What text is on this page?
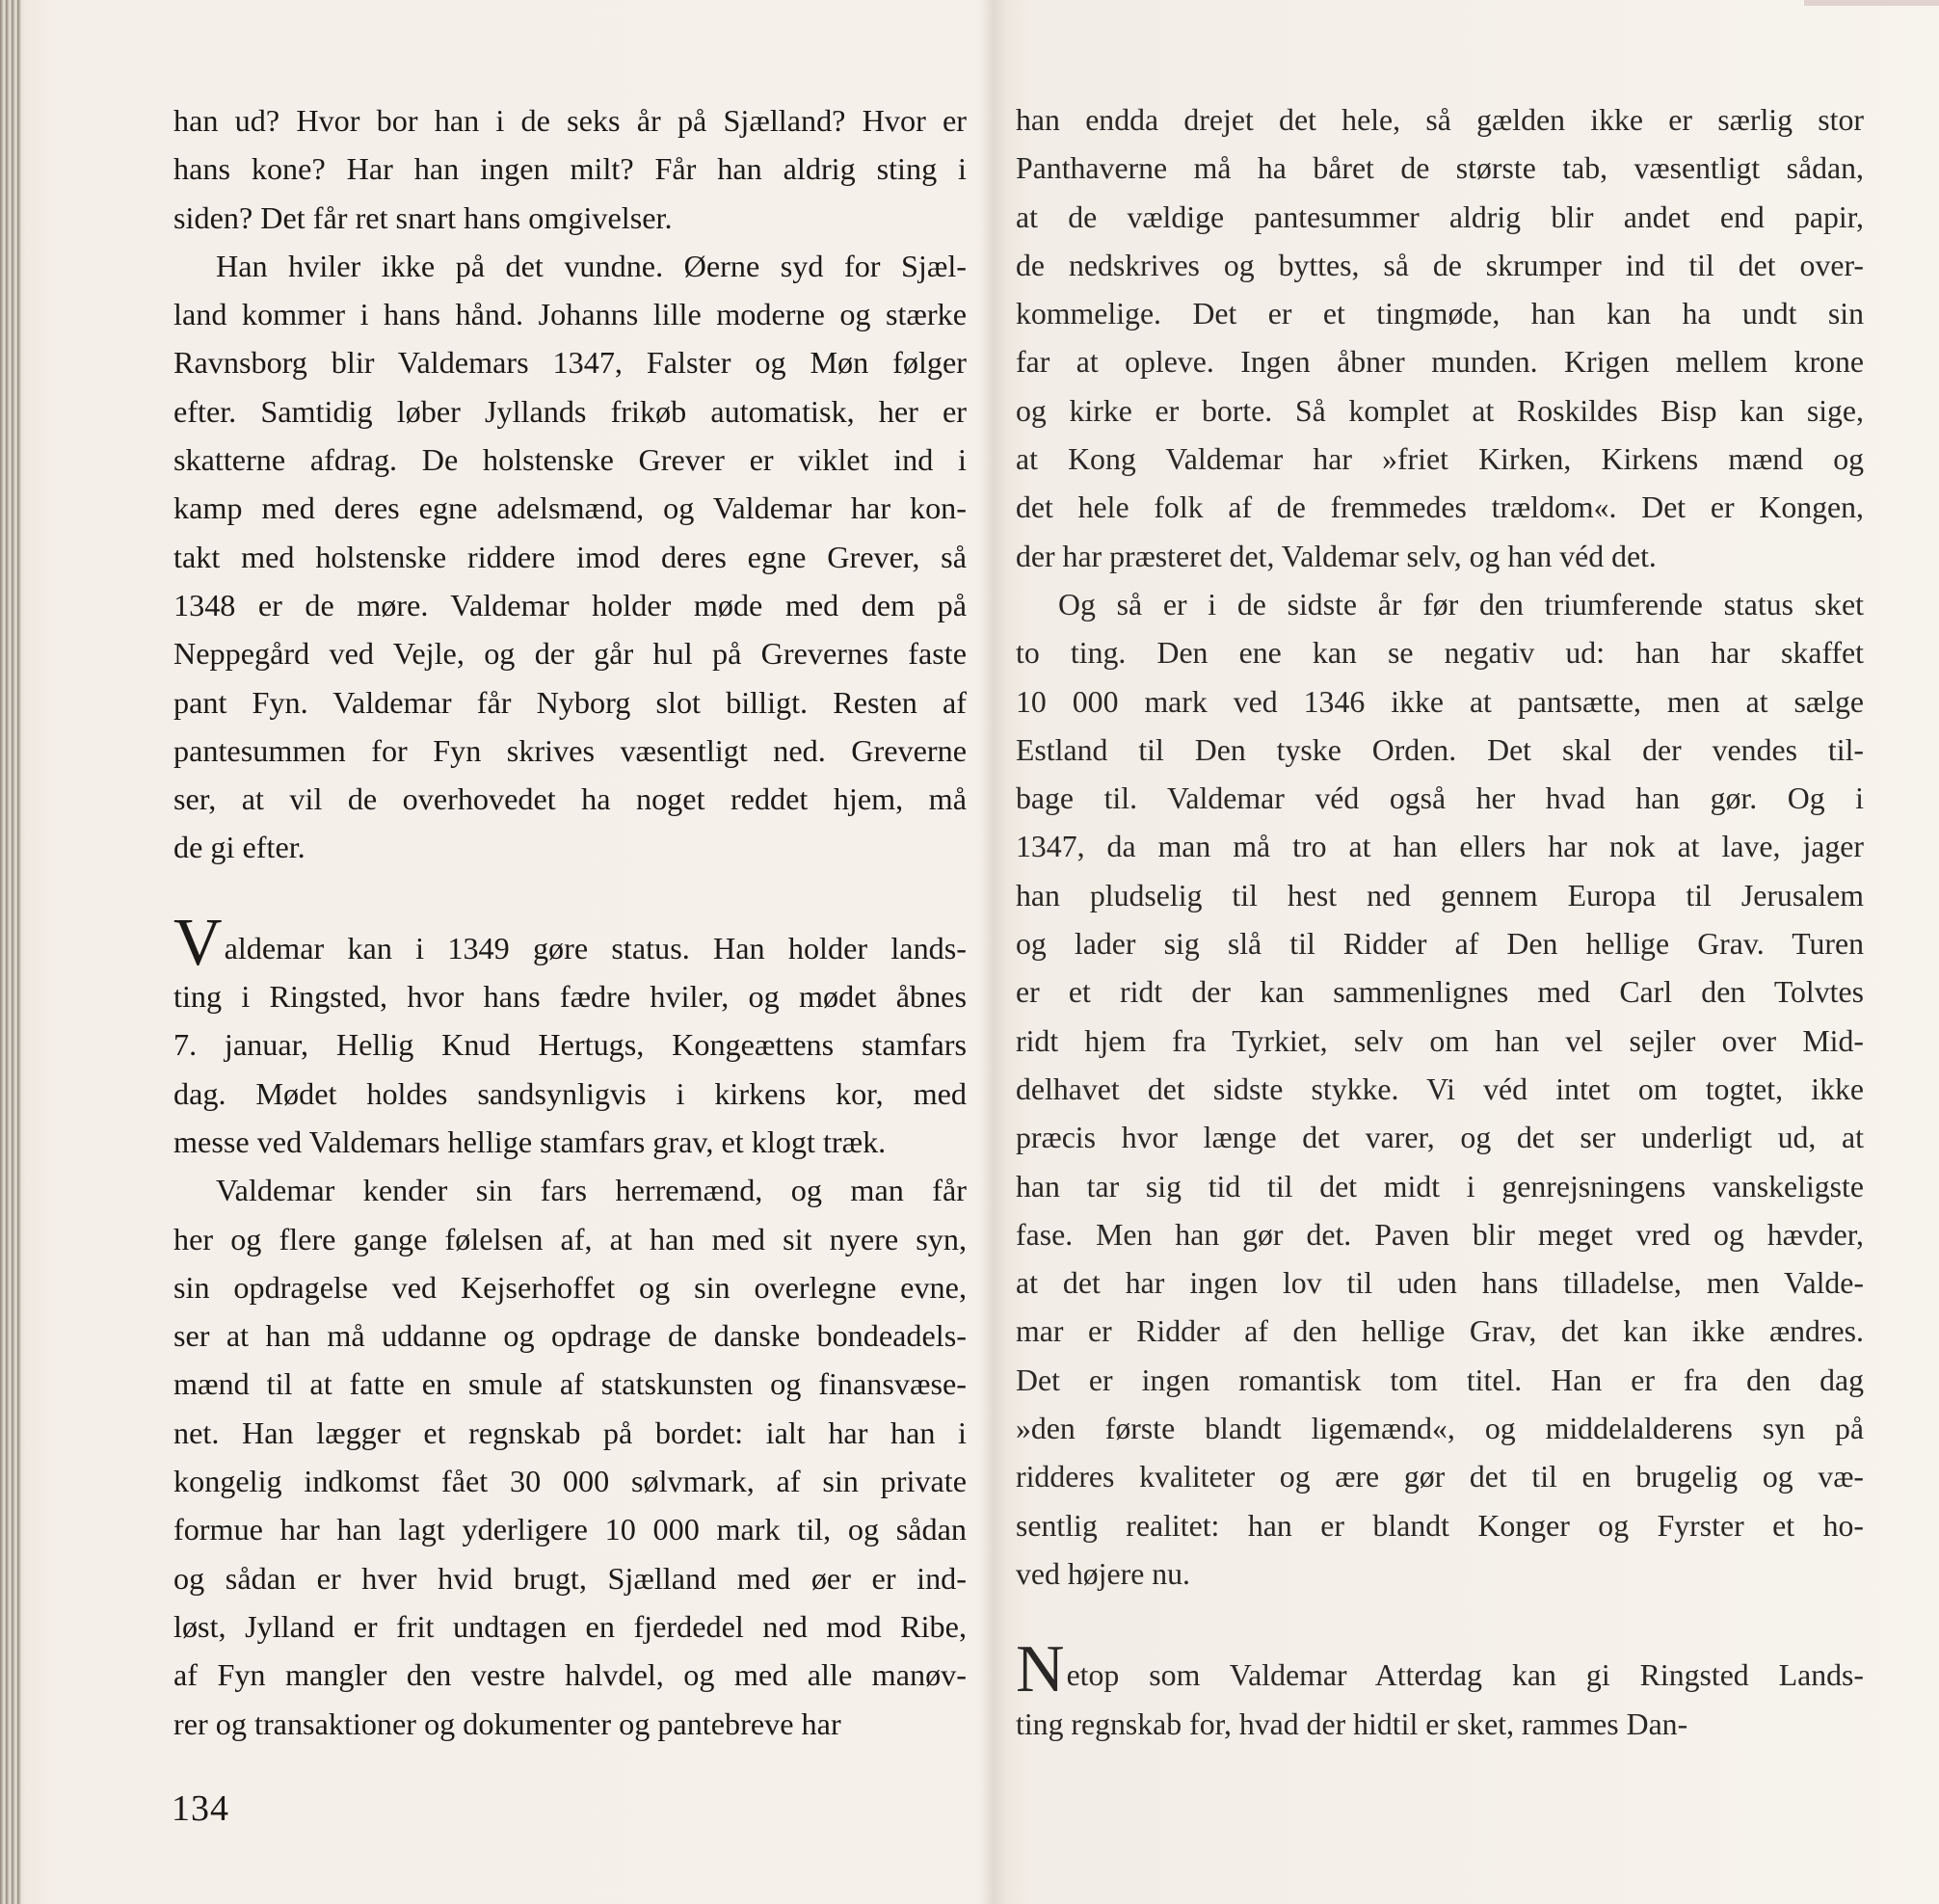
han ud? Hvor bor han i de seks år på Sjælland? Hvor er
hans kone? Har han ingen milt? Får han aldrig sting i
siden? Det får ret snart hans omgivelser.
Han hviler ikke på det vundne. Øerne syd for Sjæl-
land kommer i hans hånd. Johanns lille moderne og stærke
Ravnsborg blir Valdemars 1347, Falster og Møn følger
efter. Samtidig løber Jyllands frikøb automatisk, her er
skatterne afdrag. De holstenske Grever er viklet ind i
kamp med deres egne adelsmænd, og Valdemar har kon-
takt med holstenske riddere imod deres egne Grever, så
1348 er de møre. Valdemar holder møde med dem på
Neppegård ved Vejle, og der går hul på Grevernes faste
pant Fyn. Valdemar får Nyborg slot billigt. Resten af
pantesummen for Fyn skrives væsentligt ned. Greverne
ser, at vil de overhovedet ha noget reddet hjem, må
de gi efter.
Valdemar kan i 1349 gøre status. Han holder lands-
ting i Ringsted, hvor hans fædre hviler, og mødet åbnes
7. januar, Hellig Knud Hertugs, Kongeættens stamfars
dag. Mødet holdes sandsynligvis i kirkens kor, med
messe ved Valdemars hellige stamfars grav, et klogt træk.
Valdemar kender sin fars herremænd, og man får
her og flere gange følelsen af, at han med sit nyere syn,
sin opdragelse ved Kejserhoffet og sin overlegne evne,
ser at han må uddanne og opdrage de danske bondeadels-
mænd til at fatte en smule af statskunsten og finansvæse-
net. Han lægger et regnskab på bordet: ialt har han i
kongelig indkomst fået 30 000 sølvmark, af sin private
formue har han lagt yderligere 10 000 mark til, og sådan
og sådan er hver hvid brugt, Sjælland med øer er ind-
løst, Jylland er frit undtagen en fjerdedel ned mod Ribe,
af Fyn mangler den vestre halvdel, og med alle manøv-
rer og transaktioner og dokumenter og pantebreve har
han endda drejet det hele, så gælden ikke er særlig stor
Panthaverne må ha båret de største tab, væsentligt sådan,
at de vældige pantesummer aldrig blir andet end papir,
de nedskrives og byttes, så de skrumper ind til det over-
kommelige. Det er et tingmøde, han kan ha undt sin
far at opleve. Ingen åbner munden. Krigen mellem krone
og kirke er borte. Så komplet at Roskildes Bisp kan sige,
at Kong Valdemar har »friet Kirken, Kirkens mænd og
det hele folk af de fremmedes trældom«. Det er Kongen,
der har præsteret det, Valdemar selv, og han véd det.
Og så er i de sidste år før den triumferende status sket
to ting. Den ene kan se negativ ud: han har skaffet
10 000 mark ved 1346 ikke at pantsætte, men at sælge
Estland til Den tyske Orden. Det skal der vendes til-
bage til. Valdemar véd også her hvad han gør. Og i
1347, da man må tro at han ellers har nok at lave, jager
han pludselig til hest ned gennem Europa til Jerusalem
og lader sig slå til Ridder af Den hellige Grav. Turen
er et ridt der kan sammenlignes med Carl den Tolvtes
ridt hjem fra Tyrkiet, selv om han vel sejler over Mid-
delhavet det sidste stykke. Vi véd intet om togtet, ikke
præcis hvor længe det varer, og det ser underligt ud, at
han tar sig tid til det midt i genrejsningens vanskeligste
fase. Men han gør det. Paven blir meget vred og hævder,
at det har ingen lov til uden hans tilladelse, men Valde-
mar er Ridder af den hellige Grav, det kan ikke ændres.
Det er ingen romantisk tom titel. Han er fra den dag
»den første blandt ligemænd«, og middelalderens syn på
ridderes kvaliteter og ære gør det til en brugelig og væ-
sentlig realitet: han er blandt Konger og Fyrster et ho-
ved højere nu.
Netop som Valdemar Atterdag kan gi Ringsted Lands-
ting regnskab for, hvad der hidtil er sket, rammes Dan-
134
